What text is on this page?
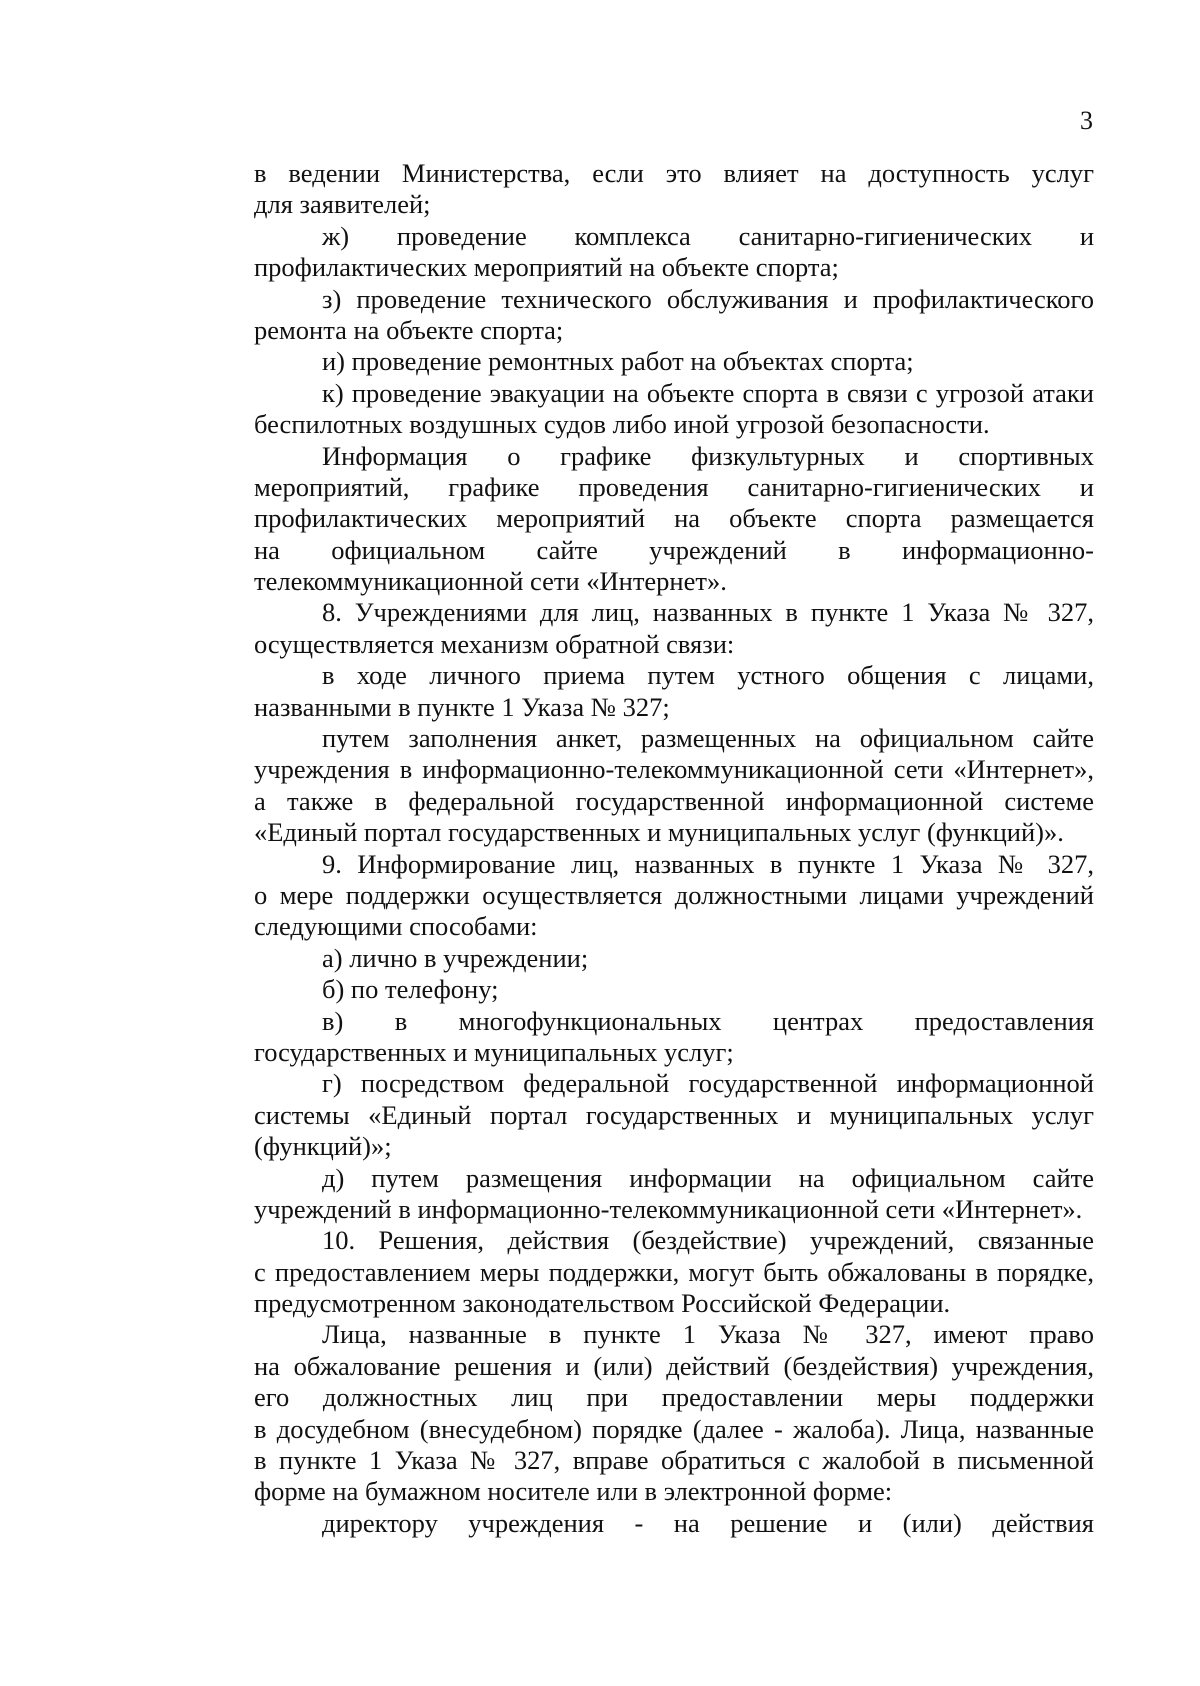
3
в ведении Министерства, если это влияет на доступность услуг
для заявителей;
ж) проведение комплекса санитарно-гигиенических и
профилактических мероприятий на объекте спорта;
з) проведение технического обслуживания и профилактического
ремонта на объекте спорта;
и) проведение ремонтных работ на объектах спорта;
к) проведение эвакуации на объекте спорта в связи с угрозой атаки
беспилотных воздушных судов либо иной угрозой безопасности.
Информация о графике физкультурных и спортивных
мероприятий, графике проведения санитарно-гигиенических и
профилактических мероприятий на объекте спорта размещается
на официальном сайте учреждений в информационно-
телекоммуникационной сети «Интернет».
8. Учреждениями для лиц, названных в пункте 1 Указа № 327,
осуществляется механизм обратной связи:
в ходе личного приема путем устного общения с лицами,
названными в пункте 1 Указа № 327;
путем заполнения анкет, размещенных на официальном сайте
учреждения в информационно-телекоммуникационной сети «Интернет»,
а также в федеральной государственной информационной системе
«Единый портал государственных и муниципальных услуг (функций)».
9. Информирование лиц, названных в пункте 1 Указа № 327,
о мере поддержки осуществляется должностными лицами учреждений
следующими способами:
а) лично в учреждении;
б) по телефону;
в) в многофункциональных центрах предоставления
государственных и муниципальных услуг;
г) посредством федеральной государственной информационной
системы «Единый портал государственных и муниципальных услуг
(функций)»;
д) путем размещения информации на официальном сайте
учреждений в информационно-телекоммуникационной сети «Интернет».
10. Решения, действия (бездействие) учреждений, связанные
с предоставлением меры поддержки, могут быть обжалованы в порядке,
предусмотренном законодательством Российской Федерации.
Лица, названные в пункте 1 Указа № 327, имеют право
на обжалование решения и (или) действий (бездействия) учреждения,
его должностных лиц при предоставлении меры поддержки
в досудебном (внесудебном) порядке (далее - жалоба). Лица, названные
в пункте 1 Указа № 327, вправе обратиться с жалобой в письменной
форме на бумажном носителе или в электронной форме:
директору учреждения - на решение и (или) действия
